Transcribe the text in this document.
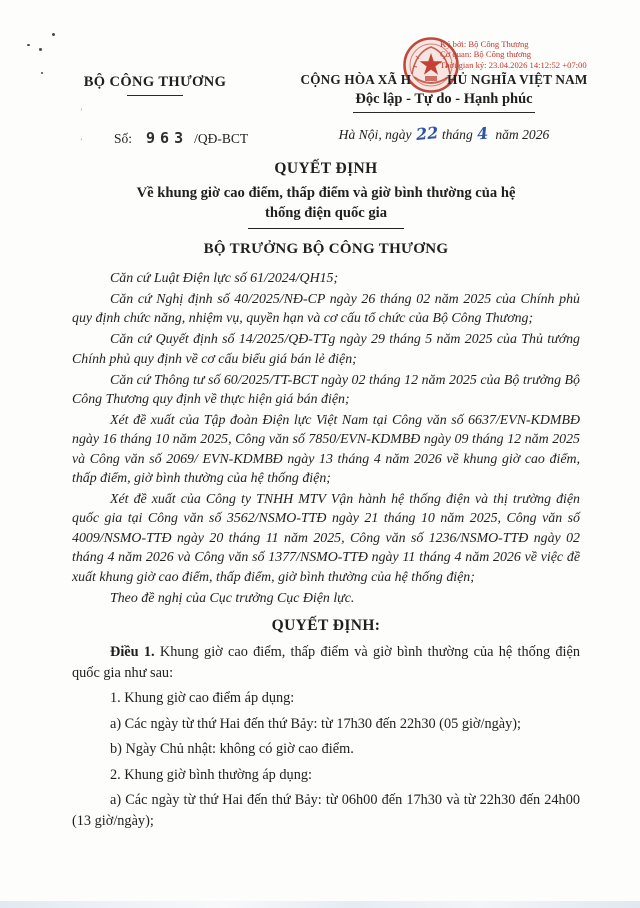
ʼ
ʼ
Ký bởi: Bộ Công Thương
Cơ quan: Bộ Công thương
Thời gian ký: 23.04.2026 14:12:52 +07:00
BỘ CÔNG THƯƠNG
Số: 963 /QĐ-BCT
CỘNG HÒA XÃ H	HỦ NGHĨA VIỆT NAM
Độc lập - Tự do - Hạnh phúc
Hà Nội, ngày 22 tháng 4 năm 2026
QUYẾT ĐỊNH
Về khung giờ cao điểm, thấp điểm và giờ bình thường của hệ
thống điện quốc gia
BỘ TRƯỞNG BỘ CÔNG THƯƠNG

Căn cứ Luật Điện lực số 61/2024/QH15;

Căn cứ Nghị định số 40/2025/NĐ-CP ngày 26 tháng 02 năm 2025 của Chính phủ quy định chức năng, nhiệm vụ, quyền hạn và cơ cấu tổ chức của Bộ Công Thương;

Căn cứ Quyết định số 14/2025/QĐ-TTg ngày 29 tháng 5 năm 2025 của Thủ tướng Chính phủ quy định về cơ cấu biểu giá bán lẻ điện;

Căn cứ Thông tư số 60/2025/TT-BCT ngày 02 tháng 12 năm 2025 của Bộ trưởng Bộ Công Thương quy định về thực hiện giá bán điện;

Xét đề xuất của Tập đoàn Điện lực Việt Nam tại Công văn số 6637/EVN-KDMBĐ ngày 16 tháng 10 năm 2025, Công văn số 7850/EVN-KDMBĐ ngày 09 tháng 12 năm 2025 và Công văn số 2069/ EVN-KDMBĐ ngày 13 tháng 4 năm 2026 về khung giờ cao điểm, thấp điểm, giờ bình thường của hệ thống điện;

Xét đề xuất của Công ty TNHH MTV Vận hành hệ thống điện và thị trường điện quốc gia tại Công văn số 3562/NSMO-TTĐ ngày 21 tháng 10 năm 2025, Công văn số 4009/NSMO-TTĐ ngày 20 tháng 11 năm 2025, Công văn số 1236/NSMO-TTĐ ngày 02 tháng 4 năm 2026 và Công văn số 1377/NSMO-TTĐ ngày 11 tháng 4 năm 2026 về việc đề xuất khung giờ cao điểm, thấp điểm, giờ bình thường của hệ thống điện;

Theo đề nghị của Cục trưởng Cục Điện lực.

QUYẾT ĐỊNH:

Điều 1. Khung giờ cao điểm, thấp điểm và giờ bình thường của hệ thống điện quốc gia như sau:

1. Khung giờ cao điểm áp dụng:

a) Các ngày từ thứ Hai đến thứ Bảy: từ 17h30 đến 22h30 (05 giờ/ngày);

b) Ngày Chủ nhật: không có giờ cao điểm.

2. Khung giờ bình thường áp dụng:

a) Các ngày từ thứ Hai đến thứ Bảy: từ 06h00 đến 17h30 và từ 22h30 đến 24h00 (13 giờ/ngày);
